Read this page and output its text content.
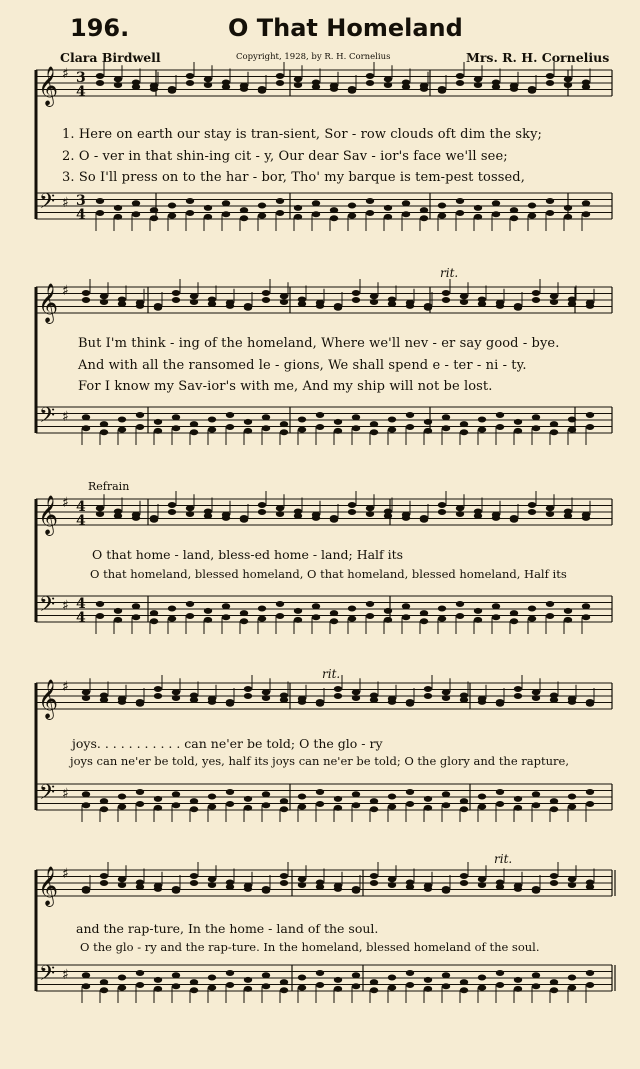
𝄞
𝄢
♯
♯
3
4
3
4
𝄞
𝄢
♯
♯
𝄞
𝄢
♯
♯
4
4
4
4
𝄞
𝄢
♯
♯
𝄞
𝄢
♯
♯
196.	O That Homeland
Clara Birdwell	Copyright, 1928, by R. H. Cornelius	Mrs. R. H. Cornelius
1. Here on earth our stay is tran-sient, Sor - row clouds oft dim the sky;
2. O - ver in that shin-ing cit - y, Our dear Sav - ior's face we'll see;
3. So I'll press on to the har - bor, Tho' my barque is tem-pest tossed,
rit.
But I'm think - ing of the homeland, Where we'll nev - er say good - bye.
And with all the ransomed le - gions, We shall spend e - ter - ni - ty.
For I know my Sav-ior's with me, And my ship will not be lost.
Refrain
O that home - land, bless-ed home - land; Half its
O that homeland, blessed homeland, O that homeland, blessed homeland, Half its
rit.
joys. . . . . . . . . . . can ne'er be told; O the glo - ry
joys can ne'er be told, yes, half its joys can ne'er be told; O the glory and the rapture,
rit.
and the rap-ture, In the home - land of the soul.
O the glo - ry and the rap-ture. In the homeland, blessed homeland of the soul.
